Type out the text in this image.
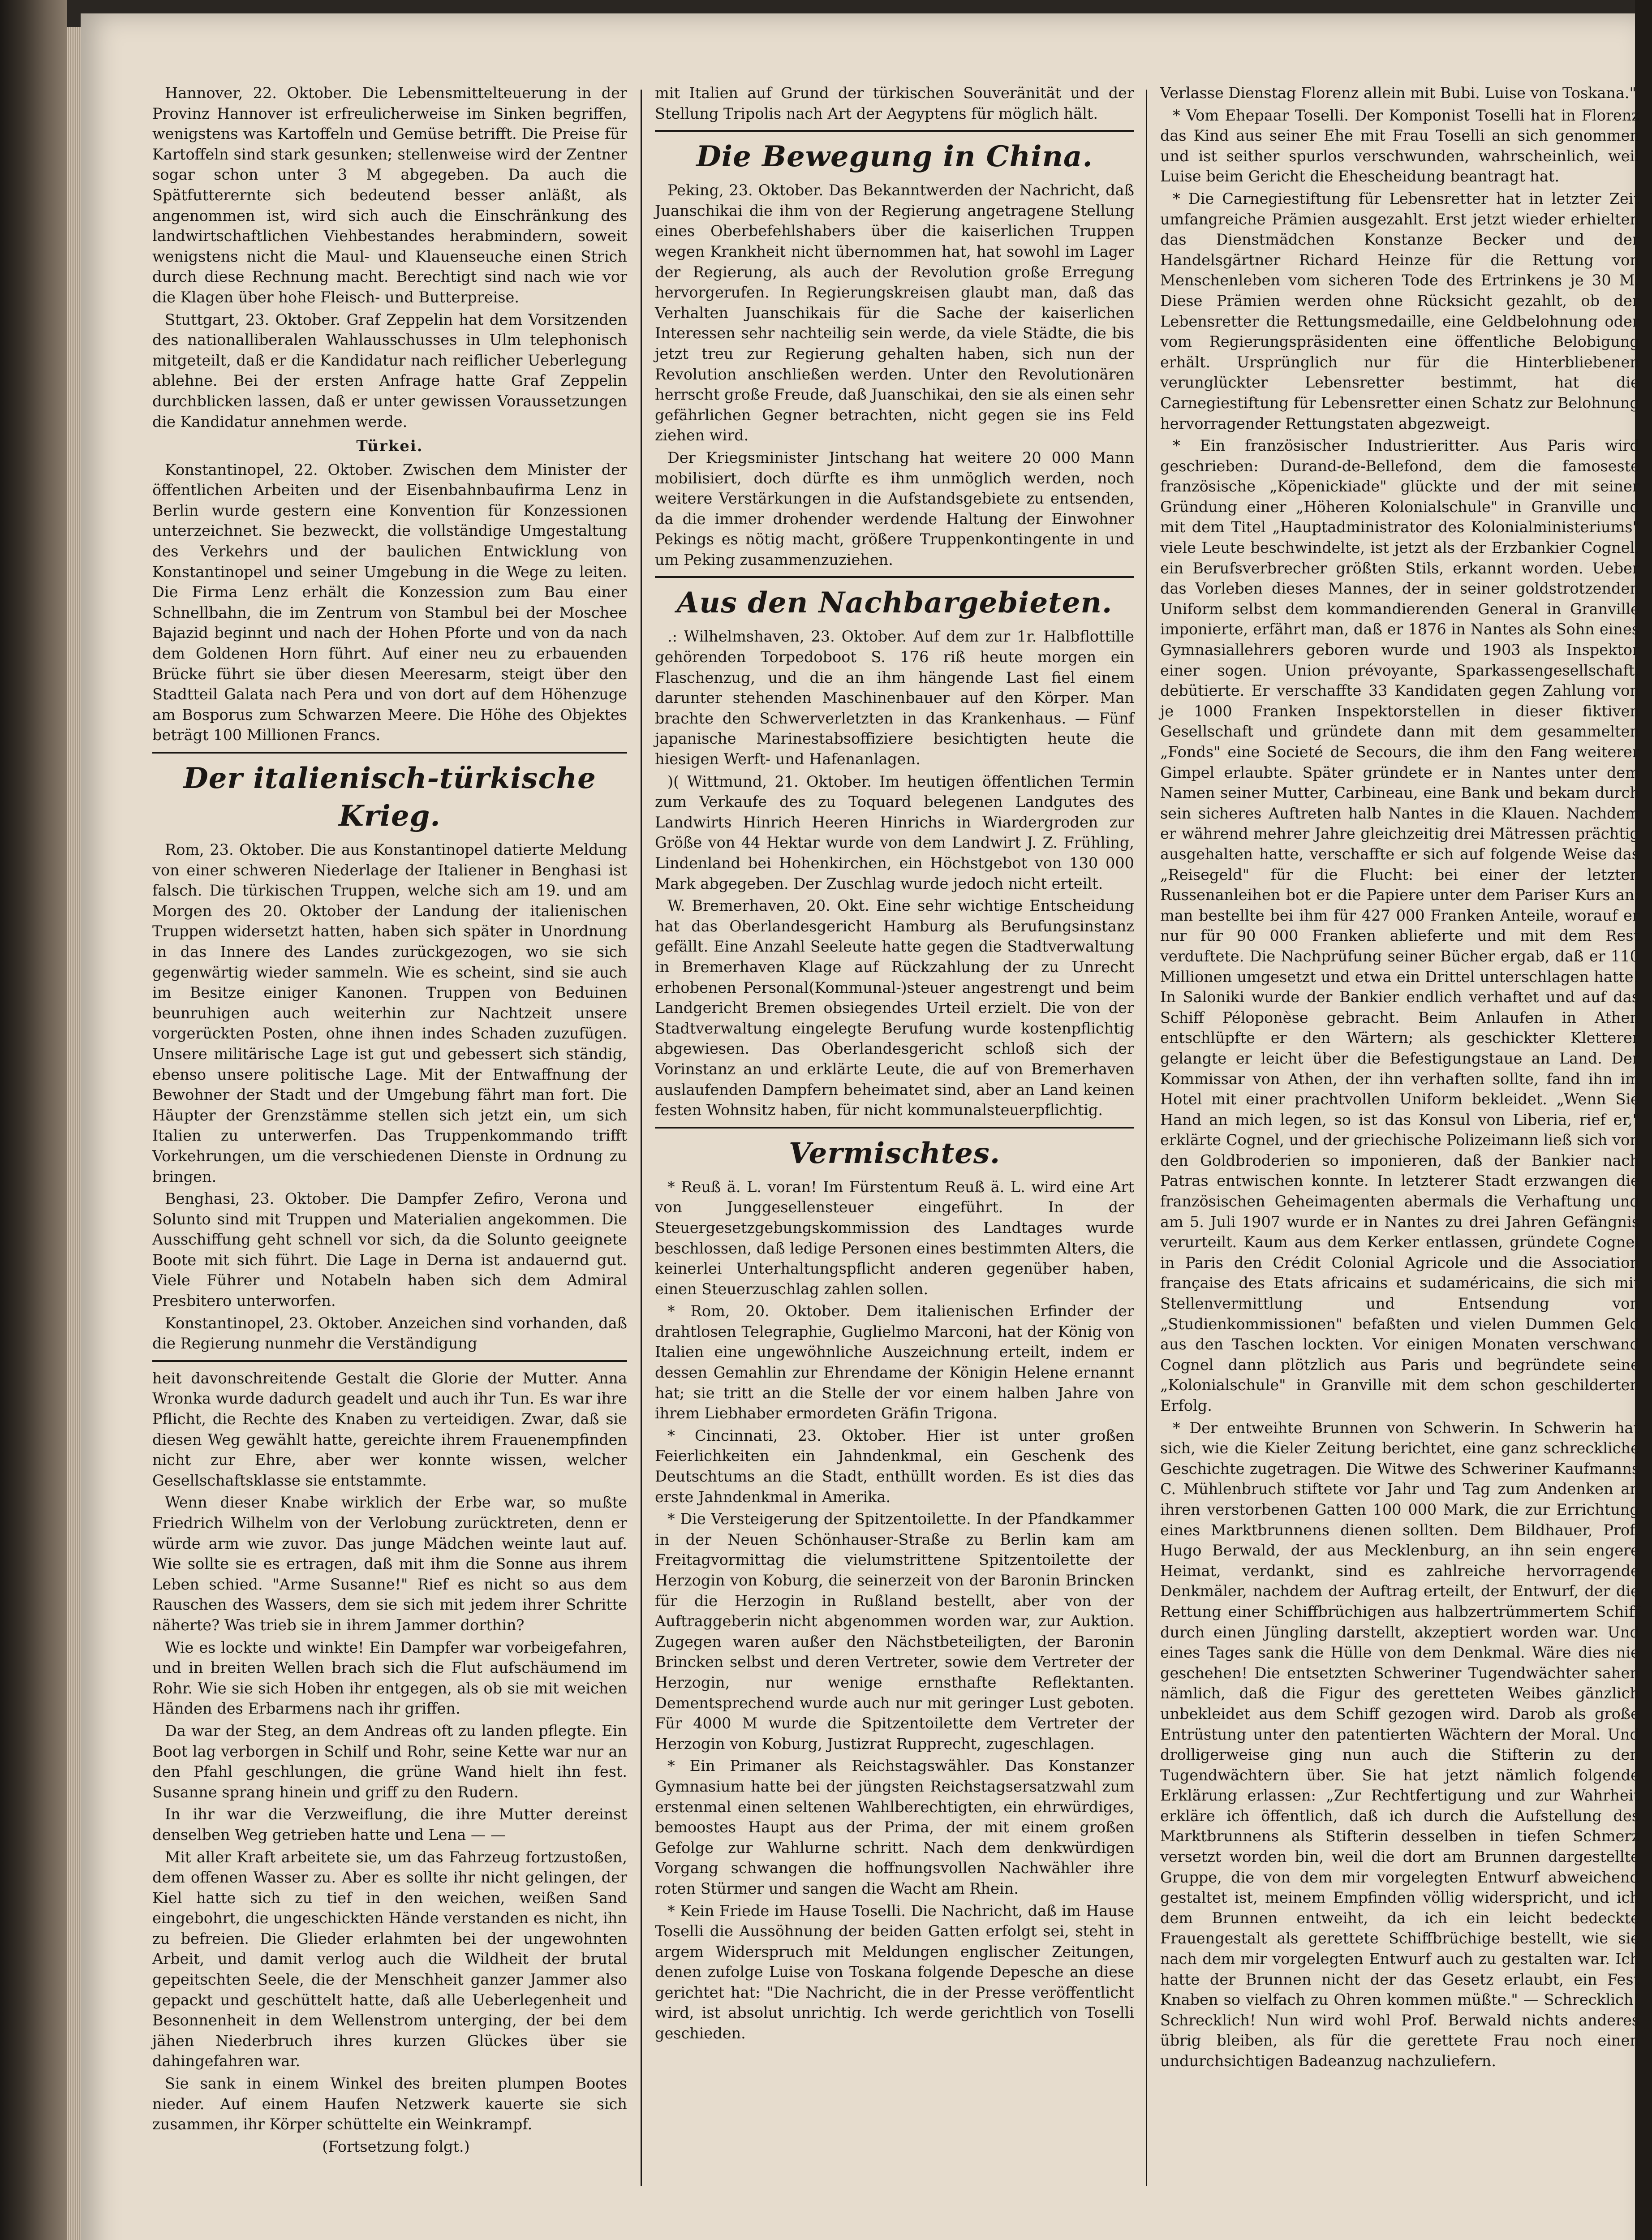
Hannover, 22. Oktober. Die Lebensmittelteuerung in der Provinz Hannover ist erfreulicherweise im Sinken begriffen, wenigstens was Kartoffeln und Gemüse betrifft. Die Preise für Kartoffeln sind stark gesunken; stellenweise wird der Zentner sogar schon unter 3 M abgegeben. Da auch die Spätfutterernte sich bedeutend besser anläßt, als angenommen ist, wird sich auch die Einschränkung des landwirtschaftlichen Viehbestandes herabmindern, soweit wenigstens nicht die Maul- und Klauenseuche einen Strich durch diese Rechnung macht. Berechtigt sind nach wie vor die Klagen über hohe Fleisch- und Butterpreise.

Stuttgart, 23. Oktober. Graf Zeppelin hat dem Vorsitzenden des nationalliberalen Wahlausschusses in Ulm telephonisch mitgeteilt, daß er die Kandidatur nach reiflicher Ueberlegung ablehne. Bei der ersten Anfrage hatte Graf Zeppelin durchblicken lassen, daß er unter gewissen Voraussetzungen die Kandidatur annehmen werde.

Türkei.

Konstantinopel, 22. Oktober. Zwischen dem Minister der öffentlichen Arbeiten und der Eisenbahnbaufirma Lenz in Berlin wurde gestern eine Konvention für Konzessionen unterzeichnet. Sie bezweckt, die vollständige Umgestaltung des Verkehrs und der baulichen Entwicklung von Konstantinopel und seiner Umgebung in die Wege zu leiten. Die Firma Lenz erhält die Konzession zum Bau einer Schnellbahn, die im Zentrum von Stambul bei der Moschee Bajazid beginnt und nach der Hohen Pforte und von da nach dem Goldenen Horn führt. Auf einer neu zu erbauenden Brücke führt sie über diesen Meeresarm, steigt über den Stadtteil Galata nach Pera und von dort auf dem Höhenzuge am Bosporus zum Schwarzen Meere. Die Höhe des Objektes beträgt 100 Millionen Francs.

Der italienisch-türkische Krieg.

Rom, 23. Oktober. Die aus Konstantinopel datierte Meldung von einer schweren Niederlage der Italiener in Benghasi ist falsch. Die türkischen Truppen, welche sich am 19. und am Morgen des 20. Oktober der Landung der italienischen Truppen widersetzt hatten, haben sich später in Unordnung in das Innere des Landes zurückgezogen, wo sie sich gegenwärtig wieder sammeln. Wie es scheint, sind sie auch im Besitze einiger Kanonen. Truppen von Beduinen beunruhigen auch weiterhin zur Nachtzeit unsere vorgerückten Posten, ohne ihnen indes Schaden zuzufügen. Unsere militärische Lage ist gut und gebessert sich ständig, ebenso unsere politische Lage. Mit der Entwaffnung der Bewohner der Stadt und der Umgebung fährt man fort. Die Häupter der Grenzstämme stellen sich jetzt ein, um sich Italien zu unterwerfen. Das Truppenkommando trifft Vorkehrungen, um die verschiedenen Dienste in Ordnung zu bringen.

Benghasi, 23. Oktober. Die Dampfer Zefiro, Verona und Solunto sind mit Truppen und Materialien angekommen. Die Ausschiffung geht schnell vor sich, da die Solunto geeignete Boote mit sich führt. Die Lage in Derna ist andauernd gut. Viele Führer und Notabeln haben sich dem Admiral Presbitero unterworfen.

Konstantinopel, 23. Oktober. Anzeichen sind vorhanden, daß die Regierung nunmehr die Verständigung

heit davonschreitende Gestalt die Glorie der Mutter. Anna Wronka wurde dadurch geadelt und auch ihr Tun. Es war ihre Pflicht, die Rechte des Knaben zu verteidigen. Zwar, daß sie diesen Weg gewählt hatte, gereichte ihrem Frauenempfinden nicht zur Ehre, aber wer konnte wissen, welcher Gesellschaftsklasse sie entstammte.

Wenn dieser Knabe wirklich der Erbe war, so mußte Friedrich Wilhelm von der Verlobung zurücktreten, denn er würde arm wie zuvor. Das junge Mädchen weinte laut auf. Wie sollte sie es ertragen, daß mit ihm die Sonne aus ihrem Leben schied. "Arme Susanne!" Rief es nicht so aus dem Rauschen des Wassers, dem sie sich mit jedem ihrer Schritte näherte? Was trieb sie in ihrem Jammer dorthin?

Wie es lockte und winkte! Ein Dampfer war vorbeigefahren, und in breiten Wellen brach sich die Flut aufschäumend im Rohr. Wie sie sich Hoben ihr entgegen, als ob sie mit weichen Händen des Erbarmens nach ihr griffen.

Da war der Steg, an dem Andreas oft zu landen pflegte. Ein Boot lag verborgen in Schilf und Rohr, seine Kette war nur an den Pfahl geschlungen, die grüne Wand hielt ihn fest. Susanne sprang hinein und griff zu den Rudern.

In ihr war die Verzweiflung, die ihre Mutter dereinst denselben Weg getrieben hatte und Lena — —

Mit aller Kraft arbeitete sie, um das Fahrzeug fortzustoßen, dem offenen Wasser zu. Aber es sollte ihr nicht gelingen, der Kiel hatte sich zu tief in den weichen, weißen Sand eingebohrt, die ungeschickten Hände verstanden es nicht, ihn zu befreien. Die Glieder erlahmten bei der ungewohnten Arbeit, und damit verlog auch die Wildheit der brutal gepeitschten Seele, die der Menschheit ganzer Jammer also gepackt und geschüttelt hatte, daß alle Ueberlegenheit und Besonnenheit in dem Wellenstrom unterging, der bei dem jähen Niederbruch ihres kurzen Glückes über sie dahingefahren war.

Sie sank in einem Winkel des breiten plumpen Bootes nieder. Auf einem Haufen Netzwerk kauerte sie sich zusammen, ihr Körper schüttelte ein Weinkrampf.

(Fortsetzung folgt.)

mit Italien auf Grund der türkischen Souveränität und der Stellung Tripolis nach Art der Aegyptens für möglich hält.

Die Bewegung in China.

Peking, 23. Oktober. Das Bekanntwerden der Nachricht, daß Juanschikai die ihm von der Regierung angetragene Stellung eines Oberbefehlshabers über die kaiserlichen Truppen wegen Krankheit nicht übernommen hat, hat sowohl im Lager der Regierung, als auch der Revolution große Erregung hervorgerufen. In Regierungskreisen glaubt man, daß das Verhalten Juanschikais für die Sache der kaiserlichen Interessen sehr nachteilig sein werde, da viele Städte, die bis jetzt treu zur Regierung gehalten haben, sich nun der Revolution anschließen werden. Unter den Revolutionären herrscht große Freude, daß Juanschikai, den sie als einen sehr gefährlichen Gegner betrachten, nicht gegen sie ins Feld ziehen wird.

Der Kriegsminister Jintschang hat weitere 20 000 Mann mobilisiert, doch dürfte es ihm unmöglich werden, noch weitere Verstärkungen in die Aufstandsgebiete zu entsenden, da die immer drohender werdende Haltung der Einwohner Pekings es nötig macht, größere Truppenkontingente in und um Peking zusammenzuziehen.

Aus den Nachbargebieten.

.: Wilhelmshaven, 23. Oktober. Auf dem zur 1r. Halbflottille gehörenden Torpedoboot S. 176 riß heute morgen ein Flaschenzug, und die an ihm hängende Last fiel einem darunter stehenden Maschinenbauer auf den Körper. Man brachte den Schwerverletzten in das Krankenhaus. — Fünf japanische Marinestabsoffiziere besichtigten heute die hiesigen Werft- und Hafenanlagen.

)( Wittmund, 21. Oktober. Im heutigen öffentlichen Termin zum Verkaufe des zu Toquard belegenen Landgutes des Landwirts Hinrich Heeren Hinrichs in Wiardergroden zur Größe von 44 Hektar wurde von dem Landwirt J. Z. Frühling, Lindenland bei Hohenkirchen, ein Höchstgebot von 130 000 Mark abgegeben. Der Zuschlag wurde jedoch nicht erteilt.

W. Bremerhaven, 20. Okt. Eine sehr wichtige Entscheidung hat das Oberlandesgericht Hamburg als Berufungsinstanz gefällt. Eine Anzahl Seeleute hatte gegen die Stadtverwaltung in Bremerhaven Klage auf Rückzahlung der zu Unrecht erhobenen Personal(Kommunal-)steuer angestrengt und beim Landgericht Bremen obsiegendes Urteil erzielt. Die von der Stadtverwaltung eingelegte Berufung wurde kostenpflichtig abgewiesen. Das Oberlandesgericht schloß sich der Vorinstanz an und erklärte Leute, die auf von Bremerhaven auslaufenden Dampfern beheimatet sind, aber an Land keinen festen Wohnsitz haben, für nicht kommunalsteuerpflichtig.

Vermischtes.

* Reuß ä. L. voran! Im Fürstentum Reuß ä. L. wird eine Art von Junggesellensteuer eingeführt. In der Steuergesetzgebungskommission des Landtages wurde beschlossen, daß ledige Personen eines bestimmten Alters, die keinerlei Unterhaltungspflicht anderen gegenüber haben, einen Steuerzuschlag zahlen sollen.

* Rom, 20. Oktober. Dem italienischen Erfinder der drahtlosen Telegraphie, Guglielmo Marconi, hat der König von Italien eine ungewöhnliche Auszeichnung erteilt, indem er dessen Gemahlin zur Ehrendame der Königin Helene ernannt hat; sie tritt an die Stelle der vor einem halben Jahre von ihrem Liebhaber ermordeten Gräfin Trigona.

* Cincinnati, 23. Oktober. Hier ist unter großen Feierlichkeiten ein Jahndenkmal, ein Geschenk des Deutschtums an die Stadt, enthüllt worden. Es ist dies das erste Jahndenkmal in Amerika.

* Die Versteigerung der Spitzentoilette. In der Pfandkammer in der Neuen Schönhauser-Straße zu Berlin kam am Freitagvormittag die vielumstrittene Spitzentoilette der Herzogin von Koburg, die seinerzeit von der Baronin Brincken für die Herzogin in Rußland bestellt, aber von der Auftraggeberin nicht abgenommen worden war, zur Auktion. Zugegen waren außer den Nächstbeteiligten, der Baronin Brincken selbst und deren Vertreter, sowie dem Vertreter der Herzogin, nur wenige ernsthafte Reflektanten. Dementsprechend wurde auch nur mit geringer Lust geboten. Für 4000 M wurde die Spitzentoilette dem Vertreter der Herzogin von Koburg, Justizrat Rupprecht, zugeschlagen.

* Ein Primaner als Reichstagswähler. Das Konstanzer Gymnasium hatte bei der jüngsten Reichstagsersatzwahl zum erstenmal einen seltenen Wahlberechtigten, ein ehrwürdiges, bemoostes Haupt aus der Prima, der mit einem großen Gefolge zur Wahlurne schritt. Nach dem denkwürdigen Vorgang schwangen die hoffnungsvollen Nachwähler ihre roten Stürmer und sangen die Wacht am Rhein.

* Kein Friede im Hause Toselli. Die Nachricht, daß im Hause Toselli die Aussöhnung der beiden Gatten erfolgt sei, steht in argem Widerspruch mit Meldungen englischer Zeitungen, denen zufolge Luise von Toskana folgende Depesche an diese gerichtet hat: "Die Nachricht, die in der Presse veröffentlicht wird, ist absolut unrichtig. Ich werde gerichtlich von Toselli geschieden.

Verlasse Dienstag Florenz allein mit Bubi. Luise von Toskana."

* Vom Ehepaar Toselli. Der Komponist Toselli hat in Florenz das Kind aus seiner Ehe mit Frau Toselli an sich genommen und ist seither spurlos verschwunden, wahrscheinlich, weil Luise beim Gericht die Ehescheidung beantragt hat.

* Die Carnegiestiftung für Lebensretter hat in letzter Zeit umfangreiche Prämien ausgezahlt. Erst jetzt wieder erhielten das Dienstmädchen Konstanze Becker und der Handelsgärtner Richard Heinze für die Rettung von Menschenleben vom sicheren Tode des Ertrinkens je 30 M. Diese Prämien werden ohne Rücksicht gezahlt, ob der Lebensretter die Rettungsmedaille, eine Geldbelohnung oder vom Regierungspräsidenten eine öffentliche Belobigung erhält. Ursprünglich nur für die Hinterbliebenen verunglückter Lebensretter bestimmt, hat die Carnegiestiftung für Lebensretter einen Schatz zur Belohnung hervorragender Rettungstaten abgezweigt.

* Ein französischer Industrieritter. Aus Paris wird geschrieben: Durand-de-Bellefond, dem die famoseste französische „Köpenickiade" glückte und der mit seiner Gründung einer „Höheren Kolonialschule" in Granville und mit dem Titel „Hauptadministrator des Kolonialministeriums" viele Leute beschwindelte, ist jetzt als der Erzbankier Cognel, ein Berufsverbrecher größten Stils, erkannt worden. Ueber das Vorleben dieses Mannes, der in seiner goldstrotzenden Uniform selbst dem kommandierenden General in Granville imponierte, erfährt man, daß er 1876 in Nantes als Sohn eines Gymnasiallehrers geboren wurde und 1903 als Inspektor einer sogen. Union prévoyante, Sparkassengesellschaft, debütierte. Er verschaffte 33 Kandidaten gegen Zahlung von je 1000 Franken Inspektorstellen in dieser fiktiven Gesellschaft und gründete dann mit dem gesammelten „Fonds" eine Societé de Secours, die ihm den Fang weiterer Gimpel erlaubte. Später gründete er in Nantes unter dem Namen seiner Mutter, Carbineau, eine Bank und bekam durch sein sicheres Auftreten halb Nantes in die Klauen. Nachdem er während mehrer Jahre gleichzeitig drei Mätressen prächtig ausgehalten hatte, verschaffte er sich auf folgende Weise das „Reisegeld" für die Flucht: bei einer der letzten Russenanleihen bot er die Papiere unter dem Pariser Kurs an; man bestellte bei ihm für 427 000 Franken Anteile, worauf er nur für 90 000 Franken ablieferte und mit dem Rest verduftete. Die Nachprüfung seiner Bücher ergab, daß er 110 Millionen umgesetzt und etwa ein Drittel unterschlagen hatte! In Saloniki wurde der Bankier endlich verhaftet und auf das Schiff Péloponèse gebracht. Beim Anlaufen in Athen entschlüpfte er den Wärtern; als geschickter Kletterer gelangte er leicht über die Befestigungstaue an Land. Der Kommissar von Athen, der ihn verhaften sollte, fand ihn im Hotel mit einer prachtvollen Uniform bekleidet. „Wenn Sie Hand an mich legen, so ist das Konsul von Liberia, rief er," erklärte Cognel, und der griechische Polizeimann ließ sich von den Goldbroderien so imponieren, daß der Bankier nach Patras entwischen konnte. In letzterer Stadt erzwangen die französischen Geheimagenten abermals die Verhaftung und am 5. Juli 1907 wurde er in Nantes zu drei Jahren Gefängnis verurteilt. Kaum aus dem Kerker entlassen, gründete Cognel in Paris den Crédit Colonial Agricole und die Association française des Etats africains et sudaméricains, die sich mit Stellenvermittlung und Entsendung von „Studienkommissionen" befaßten und vielen Dummen Geld aus den Taschen lockten. Vor einigen Monaten verschwand Cognel dann plötzlich aus Paris und begründete seine „Kolonialschule" in Granville mit dem schon geschilderten Erfolg.

* Der entweihte Brunnen von Schwerin. In Schwerin hat sich, wie die Kieler Zeitung berichtet, eine ganz schreckliche Geschichte zugetragen. Die Witwe des Schweriner Kaufmanns C. Mühlenbruch stiftete vor Jahr und Tag zum Andenken an ihren verstorbenen Gatten 100 000 Mark, die zur Errichtung eines Marktbrunnens dienen sollten. Dem Bildhauer, Prof. Hugo Berwald, der aus Mecklenburg, an ihn sein engere Heimat, verdankt, sind es zahlreiche hervorragende Denkmäler, nachdem der Auftrag erteilt, der Entwurf, der die Rettung einer Schiffbrüchigen aus halbzertrümmertem Schiff durch einen Jüngling darstellt, akzeptiert worden war. Und eines Tages sank die Hülle von dem Denkmal. Wäre dies nie geschehen! Die entsetzten Schweriner Tugendwächter sahen nämlich, daß die Figur des geretteten Weibes gänzlich unbekleidet aus dem Schiff gezogen wird. Darob als große Entrüstung unter den patentierten Wächtern der Moral. Und drolligerweise ging nun auch die Stifterin zu den Tugendwächtern über. Sie hat jetzt nämlich folgende Erklärung erlassen: „Zur Rechtfertigung und zur Wahrheit erkläre ich öffentlich, daß ich durch die Aufstellung des Marktbrunnens als Stifterin desselben in tiefen Schmerz versetzt worden bin, weil die dort am Brunnen dargestellte Gruppe, die von dem mir vorgelegten Entwurf abweichend gestaltet ist, meinem Empfinden völlig widerspricht, und ich dem Brunnen entweiht, da ich ein leicht bedeckte Frauengestalt als gerettete Schiffbrüchige bestellt, wie sie nach dem mir vorgelegten Entwurf auch zu gestalten war. Ich hatte der Brunnen nicht der das Gesetz erlaubt, ein Fest Knaben so vielfach zu Ohren kommen müßte." — Schrecklich! Schrecklich! Nun wird wohl Prof. Berwald nichts anderes übrig bleiben, als für die gerettete Frau noch einen undurchsichtigen Badeanzug nachzuliefern.
